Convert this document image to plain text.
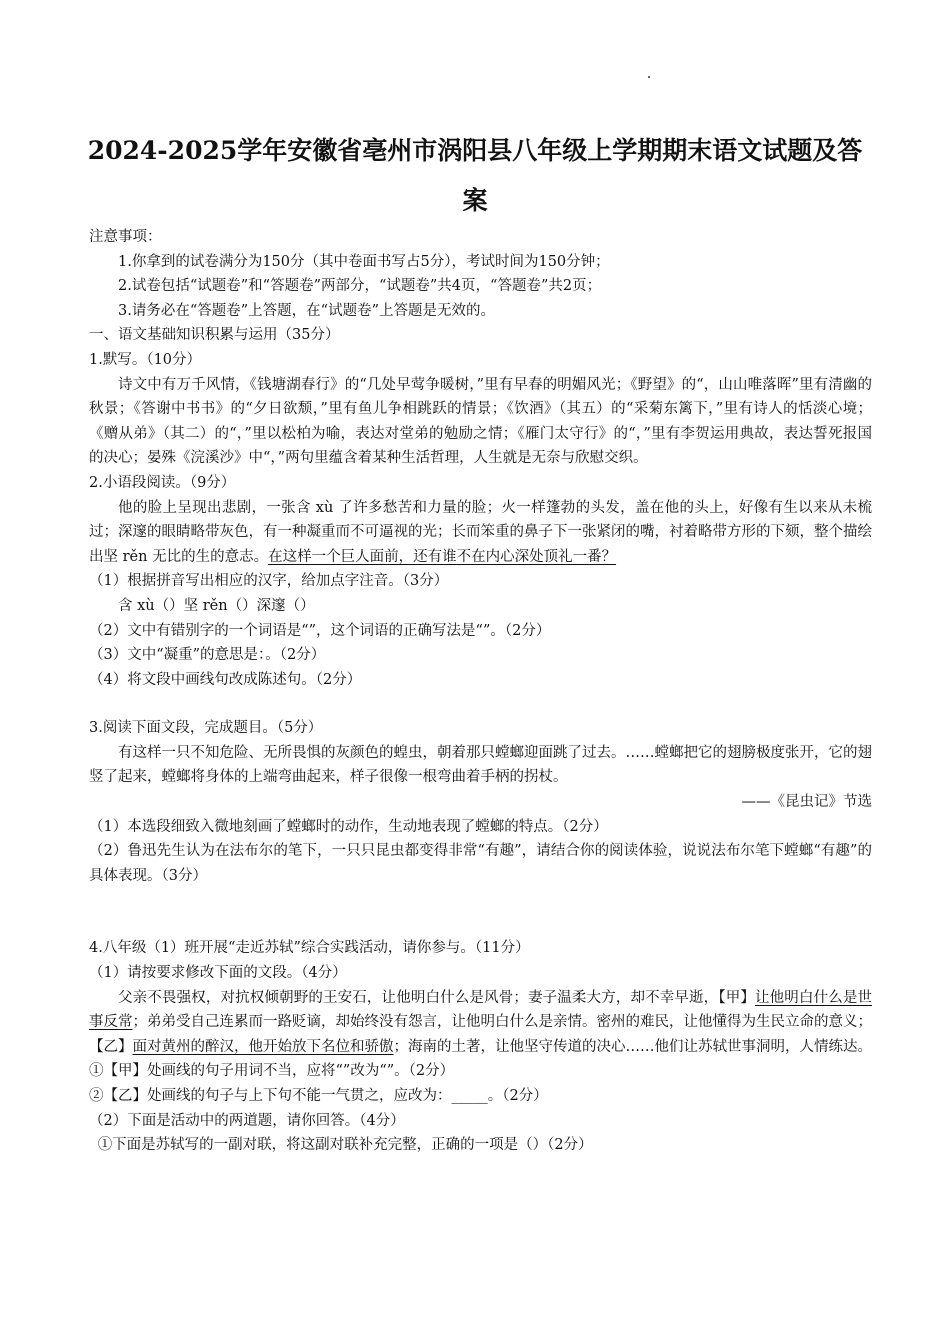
2024-2025学年安徽省亳州市涡阳县八年级上学期期末语文试题及答
案

注意事项：

1.你拿到的试卷满分为150分（其中卷面书写占5分），考试时间为150分钟；

2.试卷包括“试题卷”和“答题卷”两部分，“试题卷”共4页，“答题卷”共2页；

3.请务必在“答题卷”上答题，在“试题卷”上答题是无效的。

一、语文基础知识积累与运用（35分）

1.默写。（10分）

诗文中有万千风情，《钱塘湖春行》的“几处早莺争暖树，”里有早春的明媚风光；《野望》的“，山山唯落晖”里有清幽的秋景；《答谢中书书》的“夕日欲颓，”里有鱼儿争相跳跃的情景；《饮酒》（其五）的“采菊东篱下，”里有诗人的恬淡心境；《赠从弟》（其二）的“，”里以松柏为喻，表达对堂弟的勉励之情；《雁门太守行》的“，”里有李贺运用典故，表达誓死报国的决心；晏殊《浣溪沙》中“，”两句里蕴含着某种生活哲理，人生就是无奈与欣慰交织。

2.小语段阅读。（9分）

他的脸上呈现出悲剧，一张含 xù 了许多愁苦和力量的脸；火一样篷勃的头发，盖在他的头上，好像有生以来从未梳过；深邃的眼睛略带灰色，有一种凝重而不可逼视的光；长而笨重的鼻子下一张紧闭的嘴，衬着略带方形的下颏，整个描绘出坚 rěn 无比的生的意志。在这样一个巨人面前，还有谁不在内心深处顶礼一番？

（1）根据拼音写出相应的汉字，给加点字注音。（3分）

含 xù（）坚 rěn（）深邃（）

（2）文中有错别字的一个词语是“”，这个词语的正确写法是“”。（2分）

（3）文中“凝重”的意思是：。（2分）

（4）将文段中画线句改成陈述句。（2分）

3.阅读下面文段，完成题目。（5分）

有这样一只不知危险、无所畏惧的灰颜色的蝗虫，朝着那只螳螂迎面跳了过去。……螳螂把它的翅膀极度张开，它的翅竖了起来，螳螂将身体的上端弯曲起来，样子很像一根弯曲着手柄的拐杖。

——《昆虫记》节选

（1）本选段细致入微地刻画了螳螂时的动作，生动地表现了螳螂的特点。（2分）

（2）鲁迅先生认为在法布尔的笔下，一只只昆虫都变得非常“有趣”，请结合你的阅读体验，说说法布尔笔下螳螂“有趣”的具体表现。（3分）

4.八年级（1）班开展“走近苏轼”综合实践活动，请你参与。（11分）

（1）请按要求修改下面的文段。（4分）

父亲不畏强权，对抗权倾朝野的王安石，让他明白什么是风骨；妻子温柔大方，却不幸早逝，【甲】让他明白什么是世事反常；弟弟受自己连累而一路贬谪，却始终没有怨言，让他明白什么是亲情。密州的难民，让他懂得为生民立命的意义；【乙】面对黄州的醉汉，他开始放下名位和骄傲；海南的土著，让他坚守传道的决心……他们让苏轼世事洞明，人情练达。

①【甲】处画线的句子用词不当，应将“”改为“”。（2分）

②【乙】处画线的句子与上下句不能一气贯之，应改为：_____。（2分）

（2）下面是活动中的两道题，请你回答。（4分）

①下面是苏轼写的一副对联，将这副对联补充完整，正确的一项是（）（2分）
